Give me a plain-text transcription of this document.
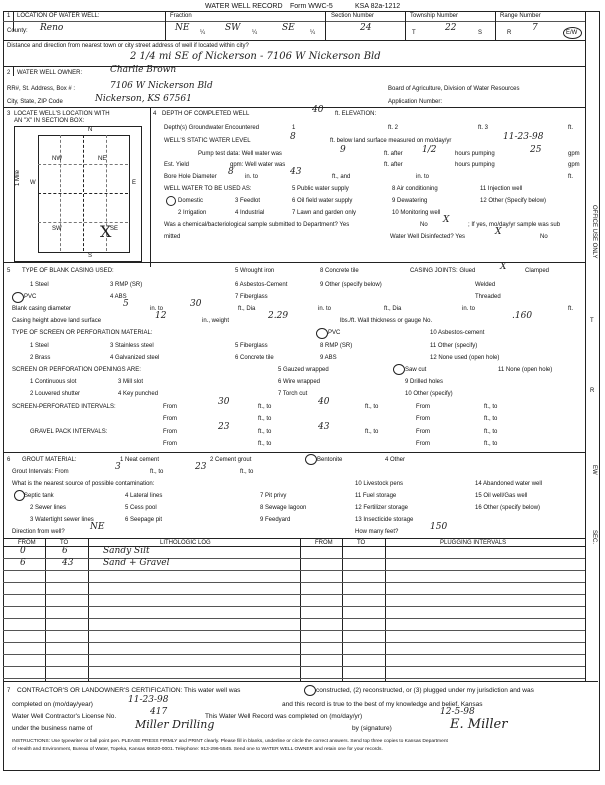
WATER WELL RECORD Form WWC-5	KSA 82a-1212
1 LOCATION OF WATER WELL:	Fraction	Section Number	Township Number	Range Number
County: Reno	NE ¼ SW ¼	SE	¼	24	T	22	S	R 7	E/W
Distance and direction from nearest town or city street address of well if located within city?
2 1/4 mi SE of Nickerson - 7106 W Nickerson Bld
2 WATER WELL OWNER:	Charlie Brown
RR#, St. Address, Box # :	7106 W Nickerson Bld	Board of Agriculture, Division of Water Resources
City, State, ZIP Code	Nickerson, KS 67561	Application Number:
3 LOCATE WELL'S LOCATION WITH
AN "X" IN SECTION BOX:
N
S
W	E
1 Mile
NW	NE
SW	SE
X
4 DEPTH OF COMPLETED WELL	40 ft. ELEVATION:
Depth(s) Groundwater Encountered	1	ft. 2	ft. 3	ft.
WELL'S STATIC WATER LEVEL	8	ft. below land surface measured on mo/day/yr	11-23-98
Pump test data: Well water was	9	ft. after 1/2	hours pumping	25	gpm
Est. Yield	gpm: Well water was	ft. after	hours pumping	gpm
Bore Hole Diameter 8 in. to	43	ft., and	in. to	ft.
WELL WATER TO BE USED AS:	5 Public water supply	8 Air conditioning	11 Injection well
Domestic	3 Feedlot	6 Oil field water supply	9 Dewatering	12 Other (Specify below)
2 Irrigation	4 Industrial	7 Lawn and garden only	10 Monitoring well
Was a chemical/bacteriological sample submitted to Department? Yes	No X	; If yes, mo/day/yr sample was sub
mitted	Water Well Disinfected? Yes	X	No
5 TYPE OF BLANK CASING USED:	5 Wrought iron	8 Concrete tile	CASING JOINTS: Glued	X	Clamped
1 Steel	3 RMP (SR)	6 Asbestos-Cement	9 Other (specify below)	Welded
PVC	4 ABS	7 Fiberglass	Threaded
Blank casing diameter	5	in. to	30	ft., Dia	in. to	ft., Dia	in. to	ft.
Casing height above land surface	12	in., weight	2.29	lbs./ft. Wall thickness or gauge No.	.160
TYPE OF SCREEN OR PERFORATION MATERIAL:	PVC	10 Asbestos-cement
1 Steel	3 Stainless steel	5 Fiberglass	8 RMP (SR)	11 Other (specify)
2 Brass	4 Galvanized steel	6 Concrete tile	9 ABS	12 None used (open hole)
SCREEN OR PERFORATION OPENINGS ARE:	5 Gauzed wrapped	Saw cut	11 None (open hole)
1 Continuous slot	3 Mill slot	6 Wire wrapped	9 Drilled holes
2 Louvered shutter	4 Key punched	7 Torch cut	10 Other (specify)
SCREEN-PERFORATED INTERVALS:	From	30	ft., to	40	ft., to	From	ft., to
From	ft., to	From	ft., to
GRAVEL PACK INTERVALS:	From	23	ft., to	43	ft., to	From	ft., to
From	ft., to	From	ft., to
6 GROUT MATERIAL:	1 Neat cement	2 Cement grout	Bentonite	4 Other
Grout Intervals: From	3	ft., to	23	ft., to
What is the nearest source of possible contamination:	10 Livestock pens	14 Abandoned water well
Septic tank	4 Lateral lines	7 Pit privy	11 Fuel storage	15 Oil well/Gas well
2 Sewer lines	5 Cess pool	8 Sewage lagoon	12 Fertilizer storage	16 Other (specify below)
3 Watertight sewer lines	6 Seepage pit	9 Feedyard	13 Insecticide storage
Direction from well?	NE	How many feet?	150
FROM	TO	LITHOLOGIC LOG	FROM	TO	PLUGGING INTERVALS
0	6	Sandy Silt
6	43	Sand + Gravel
7 CONTRACTOR'S OR LANDOWNER'S CERTIFICATION: This water well was	constructed, (2) reconstructed, or (3) plugged under my jurisdiction and was
completed on (mo/day/year)	11-23-98	and this record is true to the best of my knowledge and belief. Kansas
Water Well Contractor's License No.	417	This Water Well Record was completed on (mo/day/yr)	12-5-98
under the business name of	Miller Drilling	by (signature)	E. Miller
INSTRUCTIONS: Use typewriter or ball point pen. PLEASE PRESS FIRMLY and PRINT clearly. Please fill in blanks, underline or circle the correct answers. Send top three copies to Kansas Department
of Health and Environment, Bureau of Water, Topeka, Kansas 66620-0001. Telephone: 913-296-5545. Send one to WATER WELL OWNER and retain one for your records.
OFFICE USE ONLY
T
R
EW
SEC.
